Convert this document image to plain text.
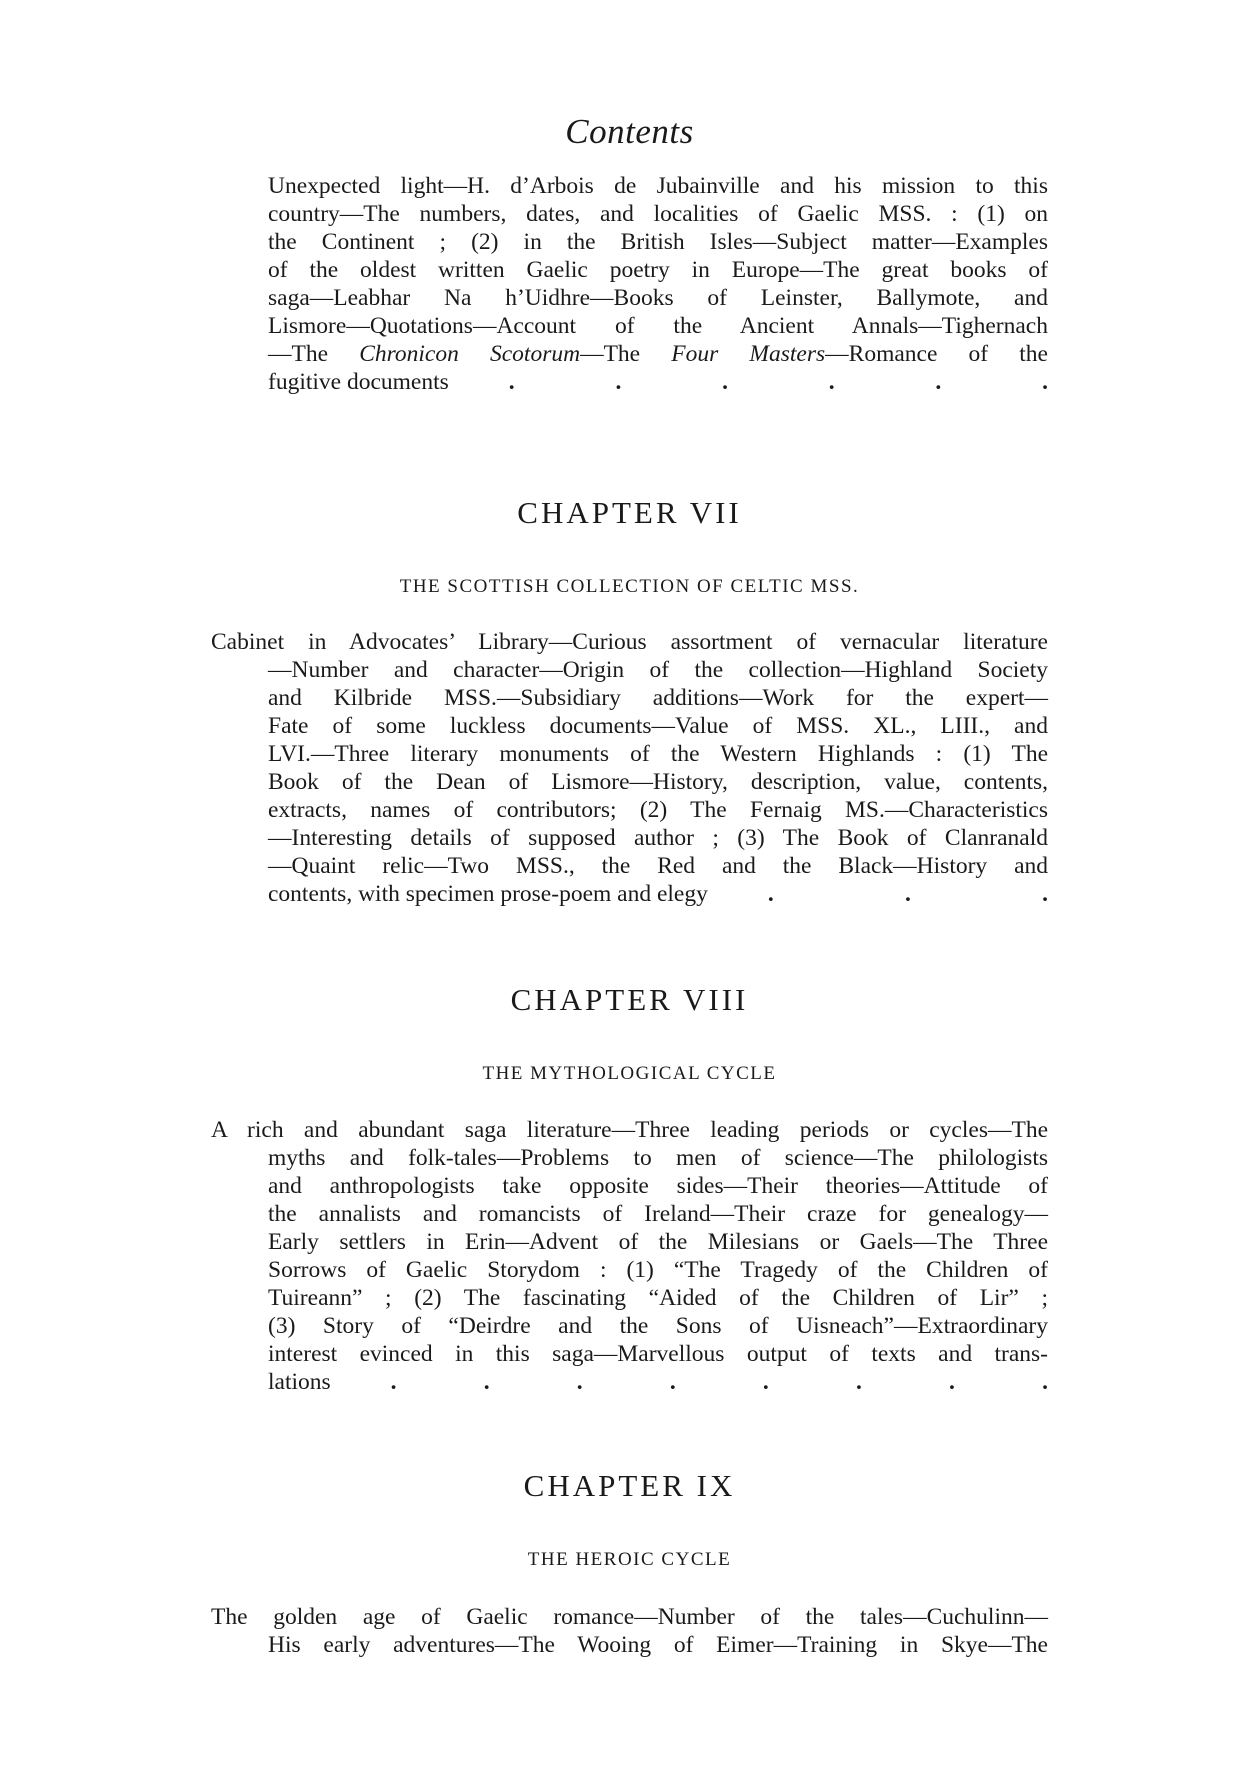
Contents
Unexpected light—H. d’Arbois de Jubainville and his mission to this
country—The numbers, dates, and localities of Gaelic MSS. : (1) on
the Continent ; (2) in the British Isles—Subject matter—Examples
of the oldest written Gaelic poetry in Europe—The great books of
saga—Leabhar Na h’Uidhre—Books of Leinster, Ballymote, and
Lismore—Quotations—Account of the Ancient Annals—Tighernach
—The Chronicon Scotorum—The Four Masters—Romance of the
fugitive documents	.	.	.	.	.	.
CHAPTER VII
THE SCOTTISH COLLECTION OF CELTIC MSS.
Cabinet in Advocates’ Library—Curious assortment of vernacular literature
—Number and character—Origin of the collection—Highland Society
and Kilbride MSS.—Subsidiary additions—Work for the expert—
Fate of some luckless documents—Value of MSS. XL., LIII., and
LVI.—Three literary monuments of the Western Highlands : (1) The
Book of the Dean of Lismore—History, description, value, contents,
extracts, names of contributors; (2) The Fernaig MS.—Characteristics
—Interesting details of supposed author ; (3) The Book of Clanranald
—Quaint relic—Two MSS., the Red and the Black—History and
contents, with specimen prose-poem and elegy	.	.	.
CHAPTER VIII
THE MYTHOLOGICAL CYCLE
A rich and abundant saga literature—Three leading periods or cycles—The
myths and folk-tales—Problems to men of science—The philologists
and anthropologists take opposite sides—Their theories—Attitude of
the annalists and romancists of Ireland—Their craze for genealogy—
Early settlers in Erin—Advent of the Milesians or Gaels—The Three
Sorrows of Gaelic Storydom : (1) “The Tragedy of the Children of
Tuireann” ; (2) The fascinating “Aided of the Children of Lir” ;
(3) Story of “Deirdre and the Sons of Uisneach”—Extraordinary
interest evinced in this saga—Marvellous output of texts and trans-
lations	.	.	.	.	.	.	.	.
CHAPTER IX
THE HEROIC CYCLE
The golden age of Gaelic romance—Number of the tales—Cuchulinn—
His early adventures—The Wooing of Eimer—Training in Skye—The
